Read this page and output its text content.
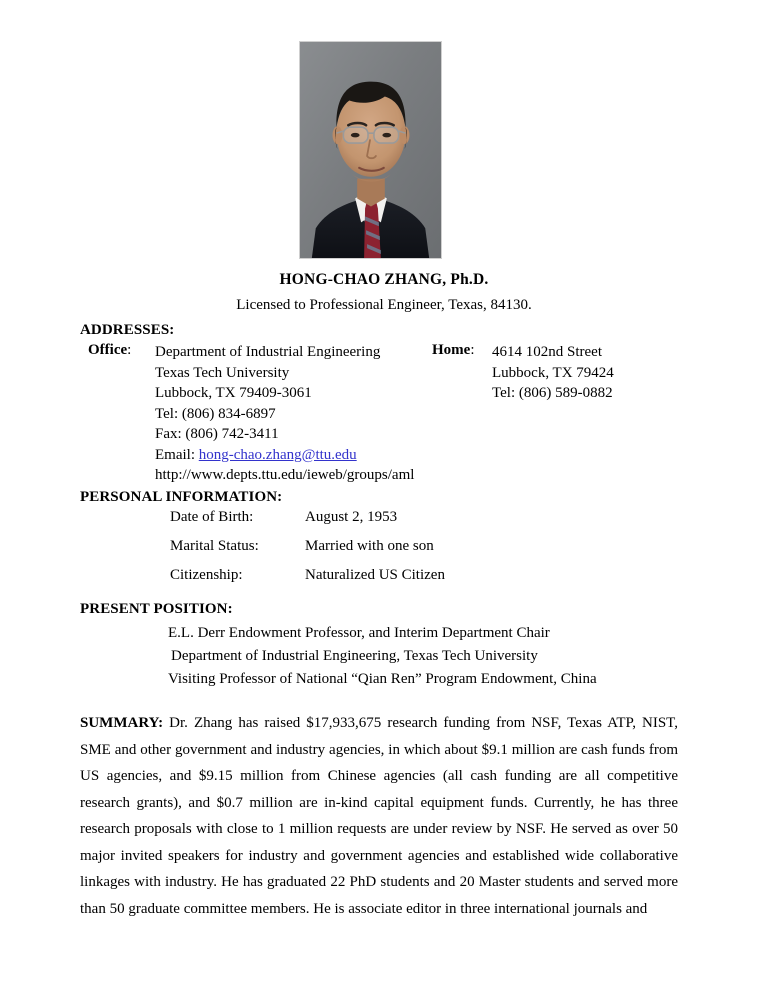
HONG-CHAO ZHANG, Ph.D.
Licensed to Professional Engineer, Texas, 84130.
ADDRESSES:
Office: Department of Industrial Engineering
Texas Tech University
Lubbock, TX 79409-3061
Tel: (806) 834-6897
Fax: (806) 742-3411
Email: hong-chao.zhang@ttu.edu
http://www.depts.ttu.edu/ieweb/groups/aml
Home: 4614 102nd Street
Lubbock, TX 79424
Tel: (806) 589-0882
PERSONAL INFORMATION:
Date of Birth:	August 2, 1953
Marital Status:	Married with one son
Citizenship:	Naturalized US Citizen
PRESENT POSITION:
E.L. Derr Endowment Professor, and Interim Department Chair
Department of Industrial Engineering, Texas Tech University
Visiting Professor of National “Qian Ren” Program Endowment, China
SUMMARY: Dr. Zhang has raised $17,933,675 research funding from NSF, Texas ATP, NIST, SME and other government and industry agencies, in which about $9.1 million are cash funds from US agencies, and $9.15 million from Chinese agencies (all cash funding are all competitive research grants), and $0.7 million are in-kind capital equipment funds. Currently, he has three research proposals with close to 1 million requests are under review by NSF. He served as over 50 major invited speakers for industry and government agencies and established wide collaborative linkages with industry. He has graduated 22 PhD students and 20 Master students and served more than 50 graduate committee members. He is associate editor in three international journals and
